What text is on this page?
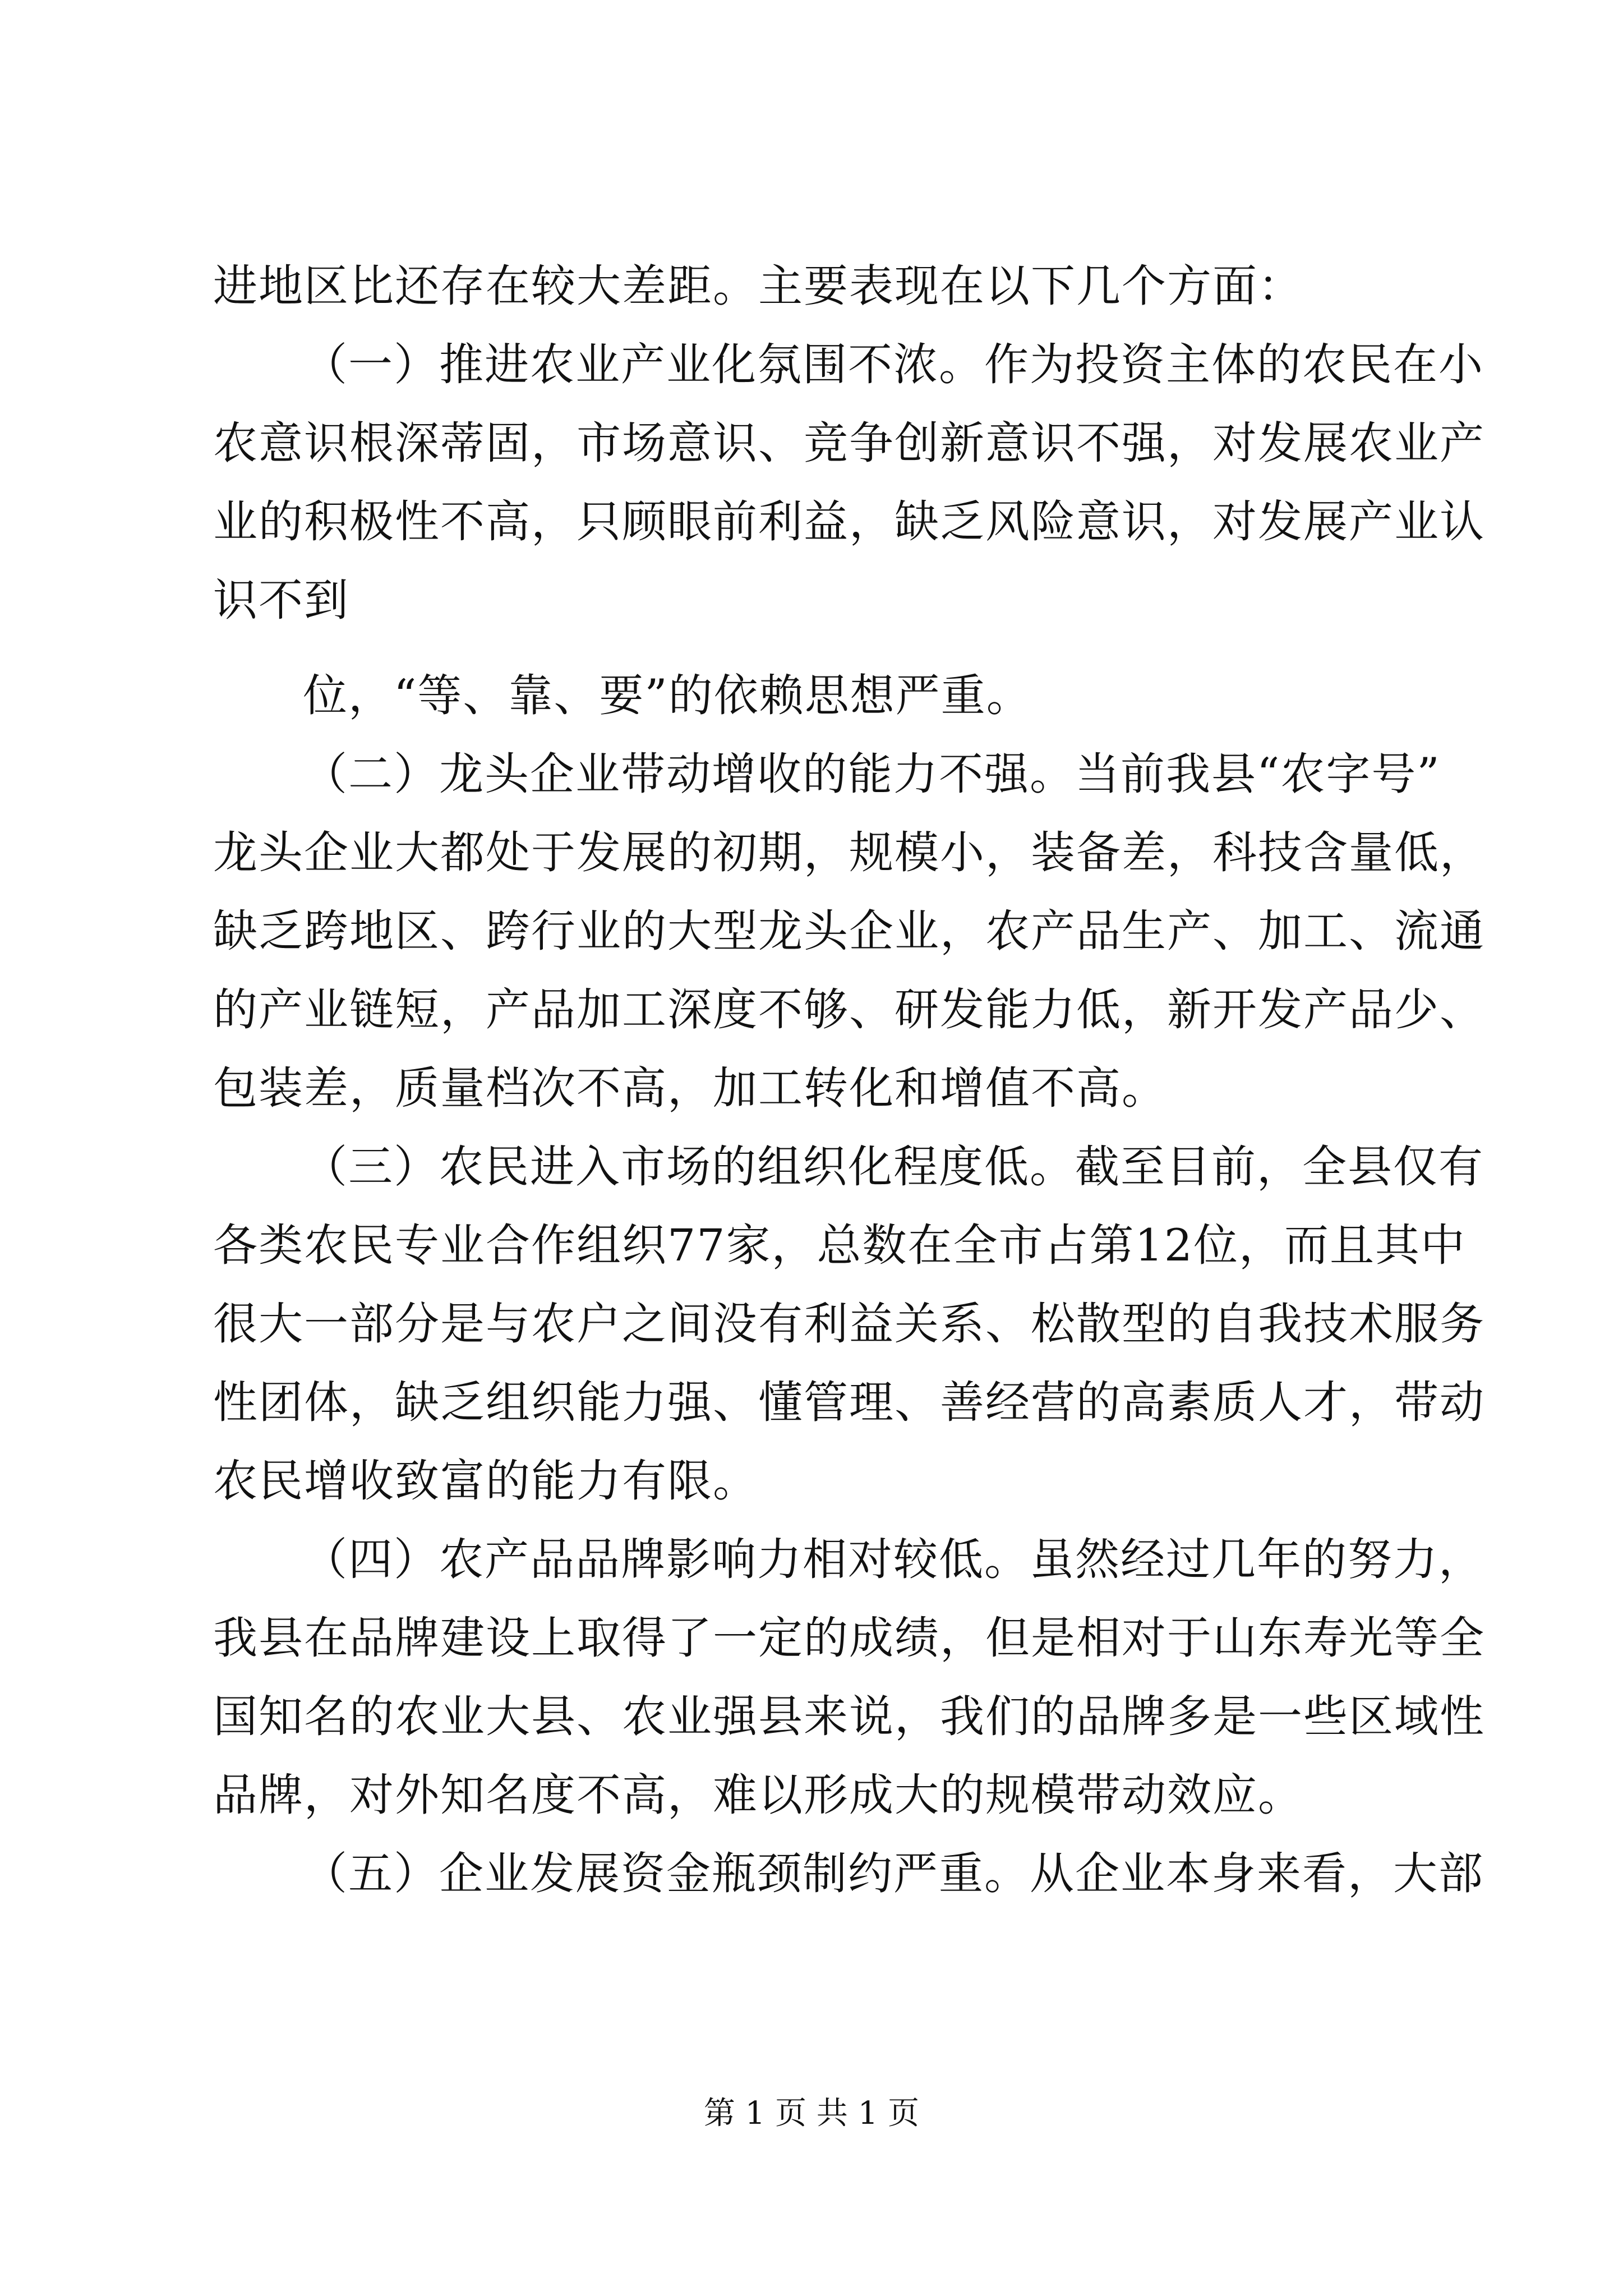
进地区比还存在较大差距。主要表现在以下几个方面：
（一）推进农业产业化氛围不浓。作为投资主体的农民在小
农意识根深蒂固，市场意识、竞争创新意识不强，对发展农业产
业的积极性不高，只顾眼前利益，缺乏风险意识，对发展产业认
识不到
位，“等、靠、要”的依赖思想严重。
（二）龙头企业带动增收的能力不强。当前我县“农字号”
龙头企业大都处于发展的初期，规模小，装备差，科技含量低，
缺乏跨地区、跨行业的大型龙头企业，农产品生产、加工、流通
的产业链短，产品加工深度不够、研发能力低，新开发产品少、
包装差，质量档次不高，加工转化和增值不高。
（三）农民进入市场的组织化程度低。截至目前，全县仅有
各类农民专业合作组织77家，总数在全市占第12位，而且其中
很大一部分是与农户之间没有利益关系、松散型的自我技术服务
性团体，缺乏组织能力强、懂管理、善经营的高素质人才，带动
农民增收致富的能力有限。
（四）农产品品牌影响力相对较低。虽然经过几年的努力，
我县在品牌建设上取得了一定的成绩，但是相对于山东寿光等全
国知名的农业大县、农业强县来说，我们的品牌多是一些区域性
品牌，对外知名度不高，难以形成大的规模带动效应。
（五）企业发展资金瓶颈制约严重。从企业本身来看，大部
第 1 页 共 1 页
